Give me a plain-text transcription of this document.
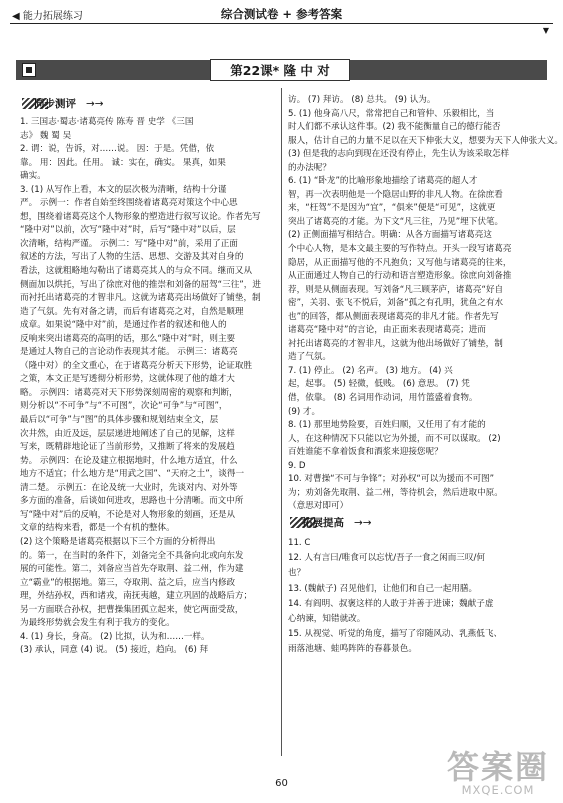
◀ 能力拓展练习	综合测试卷 + 参考答案
▼
第22课* 隆 中 对
同步测评 →→

1. 三国志·蜀志·诸葛亮传 陈寿 晋 史学 《三国

志》 魏 蜀 吴

2. 谓：说，告诉，对……说。 因：于是。凭借，依

靠。 用：因此。任用。 诚：实在，确实。 果真，如果

确实。

3. (1) 从写作上看，本文的层次极为清晰，结构十分谨

严。 示例一：作者自始至终围绕着诸葛亮对策这个中心思

想，围绕着诸葛亮这个人物形象的塑造进行叙写议论。作者先写

“隆中对”以前，次写“隆中对”时，后写“隆中对”以后，层

次清晰，结构严谨。 示例二：写“隆中对”前，采用了正面

叙述的方法，写出了人物的生活、思想、交游及其对自身的

看法，这就粗略地勾勒出了诸葛亮其人的与众不同。继而又从

侧面加以烘托，写出了徐庶对他的推崇和刘备的屈驾“三往”，进

而衬托出诸葛亮的才智非凡。这就为诸葛亮出场做好了铺垫，制

造了气氛。先有对备之请，而后有诸葛亮之对，自然是顺理

成章。如果说“隆中对”前，是通过作者的叙述和他人的

反响来突出诸葛亮的高明的话，那么“隆中对”时，则主要

是通过人物自己的言论动作表现其才能。 示例三：诸葛亮

（隆中对）的全文重心，在于诸葛亮分析天下形势，论证取胜

之策，本文正是写透彻分析形势，这就体现了他的雄才大

略。 示例四：诸葛亮对天下形势深刻周密的观察和判断，

则分析以“不可争”与“不可图”，次论“可争”与“可图”，

最后以“可争”与“图”的具体步骤和规划结束全文，层

次井然，由近及远，层层递进地阐述了自己的见解，这样

写来，既精辟地论证了当前形势，又推断了将来的发展趋

势。 示例四：在论及建立根据地时，什么地方适宜，什么

地方不适宜；什么地方是“用武之国”、“天府之土”，谈得一

清二楚。 示例五：在论及统一大业时，先谈对内、对外等

多方面的准备，后谈如何进攻，思路也十分清晰。而文中所

写“隆中对”后的反响，不论是对人物形象的刻画，还是从

文章的结构来看，都是一个有机的整体。

(2) 这个策略是诸葛亮根据以下三个方面的分析得出

的。第一，在当时的条件下，刘备完全不具备向北或向东发

展的可能性。第二，刘备应当首先夺取荆、益二州，作为建

立“霸业”的根据地。第三，夺取荆、益之后，应当内修政

理，外结孙权，西和诸戎，南抚夷越，建立巩固的战略后方；

另一方面联合孙权，把曹操集团孤立起来，使它两面受敌，

为最终形势就会发生有利于我方的变化。

4. (1) 身长，身高。 (2) 比拟，认为和……一样。

(3) 承认，同意 (4) 说。 (5) 接近，趋向。 (6) 拜

访。 (7) 拜访。 (8) 总共。 (9) 认为。

5. (1) 他身高八尺，常常把自己和管仲、乐毅相比，当

时人们都不承认这件事。(2) 我不能衡量自己的德行能否

服人，估计自己的力量不足以在天下伸张大义，想要为天下人伸张大义。

(3) 但是我的志向到现在还没有停止，先生认为该采取怎样

的办法呢？

6. (1) “卧龙”的比喻形象地描绘了诸葛亮的超人才

智，再一次表明他是一个隐居山野的非凡人物。在徐庶看

来，“枉驾”不是因为“宜”，“俱来”便是“可见”，这就更

突出了诸葛亮的才能。为下文“凡三往，乃见”埋下伏笔。

(2) 正侧面描写相结合。明确：从各方面描写诸葛亮这

个中心人物，是本文最主要的写作特点。开头一段写诸葛亮

隐居，从正面描写他的不凡抱负；又写他与诸葛亮的往来，

从正面通过人物自己的行动和语言塑造形象。徐庶向刘备推

荐，则是从侧面表现。写刘备“凡三顾茅庐，诸葛亮“好自

密”，关羽、张飞不悦后，刘备“孤之有孔明，犹鱼之有水

也”的回答，都从侧面表现诸葛亮的非凡才能。作者先写

诸葛亮“隆中对”的言论，由正面来表现诸葛亮；进而

衬托出诸葛亮的才智非凡，这就为他出场做好了铺垫，制

造了气氛。

7. (1) 停止。 (2) 名声。 (3) 地方。 (4) 兴

起，起事。 (5) 轻微，低贱。 (6) 意思。 (7) 凭

借，依靠。 (8) 名词用作动词，用竹篮盛着食物。

(9) 才。

8. (1) 那里地势险要，百姓归顺，又任用了有才能的

人，在这种情况下只能以它为外援，而不可以谋取。 (2)

百姓谁能不拿着饭食和酒浆来迎接您呢？

9. D

10. 对曹操“不可与争锋”；对孙权“可以为援而不可图”

为；劝刘备先取荆、益二州，等待机会，然后进取中原。

（意思对即可）

拓展提高 →→

11. C

12. 人有言曰/唯食可以忘忧/吾子一食之闲而三叹/何

也？

13. (魏献子) 召见他们，让他们和自己一起用膳。

14. 有阎明、叔褒这样的人敢于并善于进谏；魏献子虚

心纳谏，知错就改。

15. 从视觉、听觉的角度，描写了帘随风动、乳燕低飞、

雨落池塘、蛙鸣阵阵的春暮景色。

60	答案圈
MXQE.COM
